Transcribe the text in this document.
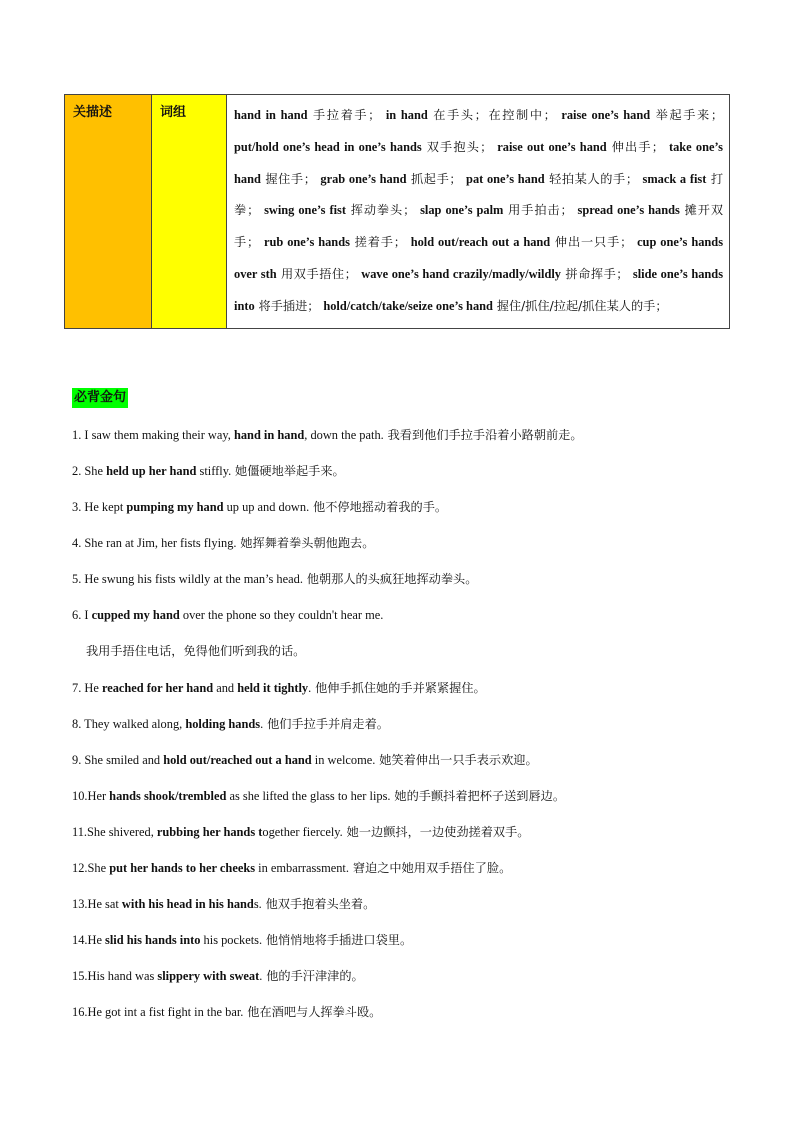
关描述	词组	hand in hand 手拉着手； in hand 在手头；在控制中； raise one’s hand 举起手来； put/hold one’s head in one’s hands 双手抱头； raise out one’s hand 伸出手； take one’s hand 握住手； grab one’s hand 抓起手； pat one’s hand 轻拍某人的手； smack a fist 打拳； swing one’s fist 挥动拳头； slap one’s palm 用手拍击； spread one’s hands 摊开双手； rub one’s hands 搓着手； hold out/reach out a hand 伸出一只手； cup one’s hands over sth 用双手捂住； wave one’s hand crazily/madly/wildly 拼命挥手； slide one’s hands into 将手插进； hold/catch/take/seize one’s hand 握住/抓住/拉起/抓住某人的手；
必背金句
1. I saw them making their way, hand in hand, down the path. 我看到他们手拉手沿着小路朝前走。
2. She held up her hand stiffly. 她僵硬地举起手来。
3. He kept pumping my hand up up and down. 他不停地摇动着我的手。
4. She ran at Jim, her fists flying. 她挥舞着拳头朝他跑去。
5. He swung his fists wildly at the man’s head. 他朝那人的头疯狂地挥动拳头。
6. I cupped my hand over the phone so they couldn't hear me.
我用手捂住电话，免得他们听到我的话。
7. He reached for her hand and held it tightly. 他伸手抓住她的手并紧紧握住。
8. They walked along, holding hands. 他们手拉手并肩走着。
9. She smiled and hold out/reached out a hand in welcome. 她笑着伸出一只手表示欢迎。
10.Her hands shook/trembled as she lifted the glass to her lips. 她的手颤抖着把杯子送到唇边。
11.She shivered, rubbing her hands together fiercely. 她一边颤抖，一边使劲搓着双手。
12.She put her hands to her cheeks in embarrassment. 窘迫之中她用双手捂住了脸。
13.He sat with his head in his hands. 他双手抱着头坐着。
14.He slid his hands into his pockets. 他悄悄地将手插进口袋里。
15.His hand was slippery with sweat. 他的手汗津津的。
16.He got int a fist fight in the bar. 他在酒吧与人挥拳斗殴。
